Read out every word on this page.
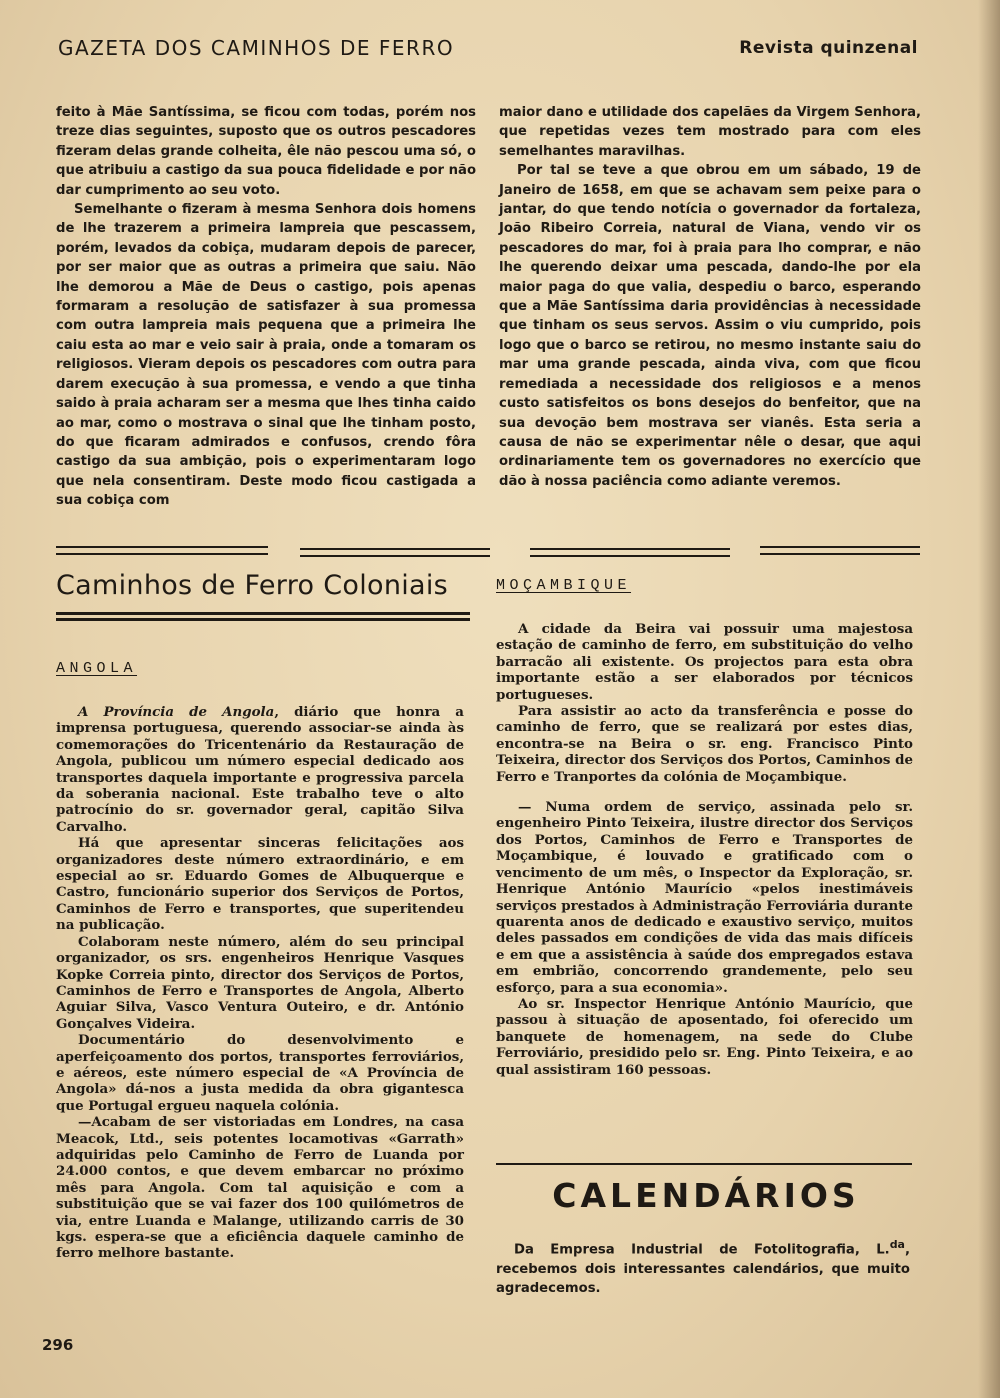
GAZETA DOS CAMINHOS DE FERRO	Revista quinzenal

feito à Mãe Santíssima, se ficou com todas, porém nos treze dias seguintes, suposto que os outros pescadores fizeram delas grande colheita, êle não pescou uma só, o que atribuiu a castigo da sua pouca fidelidade e por não dar cumprimento ao seu voto.

Semelhante o fizeram à mesma Senhora dois homens de lhe trazerem a primeira lampreia que pescassem, porém, levados da cobiça, mudaram depois de parecer, por ser maior que as outras a primeira que saiu. Não lhe demorou a Mãe de Deus o castigo, pois apenas formaram a resolução de satisfazer à sua promessa com outra lampreia mais pequena que a primeira lhe caiu esta ao mar e veio sair à praia, onde a tomaram os religiosos. Vieram depois os pescadores com outra para darem execução à sua promessa, e vendo a que tinha saido à praia acharam ser a mesma que lhes tinha caido ao mar, como o mostrava o sinal que lhe tinham posto, do que ficaram admirados e confusos, crendo fôra castigo da sua ambição, pois o experimentaram logo que nela consentiram. Deste modo ficou castigada a sua cobiça com

maior dano e utilidade dos capelães da Virgem Senhora, que repetidas vezes tem mostrado para com eles semelhantes maravilhas.

Por tal se teve a que obrou em um sábado, 19 de Janeiro de 1658, em que se achavam sem peixe para o jantar, do que tendo notícia o governador da fortaleza, João Ribeiro Correia, natural de Viana, vendo vir os pescadores do mar, foi à praia para lho comprar, e não lhe querendo deixar uma pescada, dando-lhe por ela maior paga do que valia, despediu o barco, esperando que a Mãe Santíssima daria providências à necessidade que tinham os seus servos. Assim o viu cumprido, pois logo que o barco se retirou, no mesmo instante saiu do mar uma grande pescada, ainda viva, com que ficou remediada a necessidade dos religiosos e a menos custo satisfeitos os bons desejos do benfeitor, que na sua devoção bem mostrava ser vianês. Esta seria a causa de não se experimentar nêle o desar, que aqui ordinariamente tem os governadores no exercício que dão à nossa paciência como adiante veremos.

Caminhos de Ferro Coloniais
ANGOLA

A Província de Angola, diário que honra a imprensa portuguesa, querendo associar-se ainda às comemorações do Tricentenário da Restauração de Angola, publicou um número especial dedicado aos transportes daquela importante e progressiva parcela da soberania nacional. Este trabalho teve o alto patrocínio do sr. governador geral, capitão Silva Carvalho.

Há que apresentar sinceras felicitações aos organizadores deste número extraordinário, e em especial ao sr. Eduardo Gomes de Albuquerque e Castro, funcionário superior dos Serviços de Portos, Caminhos de Ferro e transportes, que superitendeu na publicação.

Colaboram neste número, além do seu principal organizador, os srs. engenheiros Henrique Vasques Kopke Correia pinto, director dos Serviços de Portos, Caminhos de Ferro e Transportes de Angola, Alberto Aguiar Silva, Vasco Ventura Outeiro, e dr. António Gonçalves Videira.

Documentário do desenvolvimento e aperfeiçoamento dos portos, transportes ferroviários, e aéreos, este número especial de «A Província de Angola» dá-nos a justa medida da obra gigantesca que Portugal ergueu naquela colónia.

—Acabam de ser vistoriadas em Londres, na casa Meacok, Ltd., seis potentes locamotivas «Garrath» adquiridas pelo Caminho de Ferro de Luanda por 24.000 contos, e que devem embarcar no próximo mês para Angola. Com tal aquisição e com a substituição que se vai fazer dos 100 quilómetros de via, entre Luanda e Malange, utilizando carris de 30 kgs. espera-se que a eficiência daquele caminho de ferro melhore bastante.

MOÇAMBIQUE

A cidade da Beira vai possuir uma majestosa estação de caminho de ferro, em substituição do velho barracão ali existente. Os projectos para esta obra importante estão a ser elaborados por técnicos portugueses.

Para assistir ao acto da transferência e posse do caminho de ferro, que se realizará por estes dias, encontra-se na Beira o sr. eng. Francisco Pinto Teixeira, director dos Serviços dos Portos, Caminhos de Ferro e Tranportes da colónia de Moçambique.

— Numa ordem de serviço, assinada pelo sr. engenheiro Pinto Teixeira, ilustre director dos Serviços dos Portos, Caminhos de Ferro e Transportes de Moçambique, é louvado e gratificado com o vencimento de um mês, o Inspector da Exploração, sr. Henrique António Maurício «pelos inestimáveis serviços prestados à Administração Ferroviária durante quarenta anos de dedicado e exaustivo serviço, muitos deles passados em condições de vida das mais difíceis e em que a assistência à saúde dos empregados estava em embrião, concorrendo grandemente, pelo seu esforço, para a sua economia».

Ao sr. Inspector Henrique António Maurício, que passou à situação de aposentado, foi oferecido um banquete de homenagem, na sede do Clube Ferroviário, presidido pelo sr. Eng. Pinto Teixeira, e ao qual assistiram 160 pessoas.

CALENDÁRIOS

Da Empresa Industrial de Fotolitografia, L.$^{da}$, recebemos dois interessantes calendários, que muito agradecemos.

296
